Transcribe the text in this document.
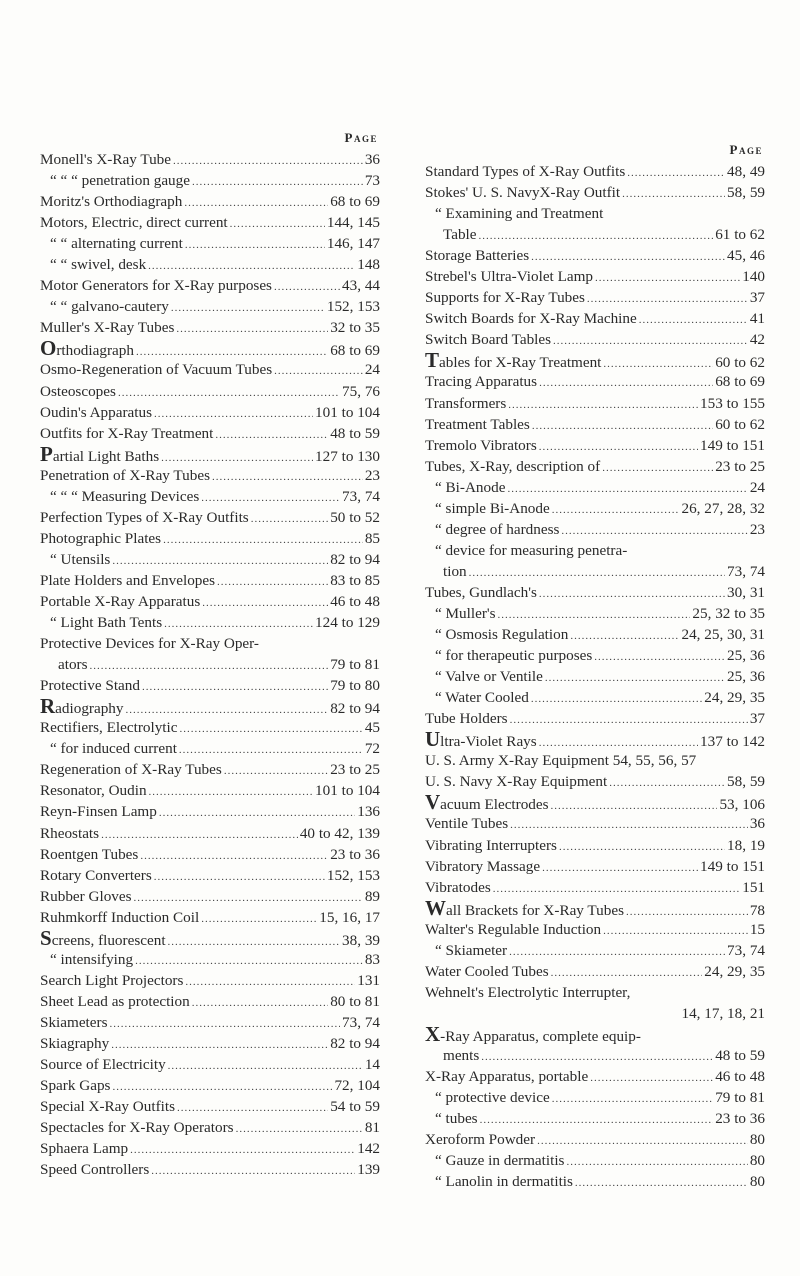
Page
Monell's X-Ray Tube .....	36
“ “ “ penetration gauge .....	73
Moritz's Orthodiagraph .....	68 to 69
Motors, Electric, direct current .....	144, 145
“ “ alternating current .....	146, 147
“ “ swivel, desk .....	148
Motor Generators for X-Ray purposes .....	43, 44
“ “ galvano-cautery .....	152, 153
Muller's X-Ray Tubes .....	32 to 35
Orthodiagraph .....	68 to 69
Osmo-Regeneration of Vacuum Tubes .....	24
Osteoscopes .....	75, 76
Oudin's Apparatus .....	101 to 104
Outfits for X-Ray Treatment .....	48 to 59
Partial Light Baths .....	127 to 130
Penetration of X-Ray Tubes .....	23
“ “ “ Measuring Devices .....	73, 74
Perfection Types of X-Ray Outfits .....	50 to 52
Photographic Plates .....	85
“ Utensils .....	82 to 94
Plate Holders and Envelopes .....	83 to 85
Portable X-Ray Apparatus .....	46 to 48
“ Light Bath Tents .....	124 to 129
Protective Devices for X-Ray Oper-
ators .....	79 to 81
Protective Stand .....	79 to 80
Radiography .....	82 to 94
Rectifiers, Electrolytic .....	45
“ for induced current .....	72
Regeneration of X-Ray Tubes .....	23 to 25
Resonator, Oudin .....	101 to 104
Reyn-Finsen Lamp .....	136
Rheostats .....	40 to 42, 139
Roentgen Tubes .....	23 to 36
Rotary Converters .....	152, 153
Rubber Gloves .....	89
Ruhmkorff Induction Coil .....	15, 16, 17
Screens, fluorescent .....	38, 39
“ intensifying .....	83
Search Light Projectors .....	131
Sheet Lead as protection .....	80 to 81
Skiameters .....	73, 74
Skiagraphy .....	82 to 94
Source of Electricity .....	14
Spark Gaps .....	72, 104
Special X-Ray Outfits .....	54 to 59
Spectacles for X-Ray Operators .....	81
Sphaera Lamp .....	142
Speed Controllers .....	139
Page
Standard Types of X-Ray Outfits .....	48, 49
Stokes' U. S. NavyX-Ray Outfit .....	58, 59
“ Examining and Treatment
Table .....	61 to 62
Storage Batteries .....	45, 46
Strebel's Ultra-Violet Lamp .....	140
Supports for X-Ray Tubes .....	37
Switch Boards for X-Ray Machine .....	41
Switch Board Tables .....	42
Tables for X-Ray Treatment .....	60 to 62
Tracing Apparatus .....	68 to 69
Transformers .....	153 to 155
Treatment Tables .....	60 to 62
Tremolo Vibrators .....	149 to 151
Tubes, X-Ray, description of .....	23 to 25
“ Bi-Anode .....	24
“ simple Bi-Anode .....	26, 27, 28, 32
“ degree of hardness .....	23
“ device for measuring penetra-
tion .....	73, 74
Tubes, Gundlach's .....	30, 31
“ Muller's .....	25, 32 to 35
“ Osmosis Regulation .....	24, 25, 30, 31
“ for therapeutic purposes .....	25, 36
“ Valve or Ventile .....	25, 36
“ Water Cooled .....	24, 29, 35
Tube Holders .....	37
Ultra-Violet Rays .....	137 to 142
U. S. Army X-Ray Equipment 54, 55, 56, 57
U. S. Navy X-Ray Equipment .....	58, 59
Vacuum Electrodes .....	53, 106
Ventile Tubes .....	36
Vibrating Interrupters .....	18, 19
Vibratory Massage .....	149 to 151
Vibratodes .....	151
Wall Brackets for X-Ray Tubes .....	78
Walter's Regulable Induction .....	15
“ Skiameter .....	73, 74
Water Cooled Tubes .....	24, 29, 35
Wehnelt's Electrolytic Interrupter,
14, 17, 18, 21
X-Ray Apparatus, complete equip-
ments .....	48 to 59
X-Ray Apparatus, portable .....	46 to 48
“ protective device .....	79 to 81
“ tubes .....	23 to 36
Xeroform Powder .....	80
“ Gauze in dermatitis .....	80
“ Lanolin in dermatitis .....	80
